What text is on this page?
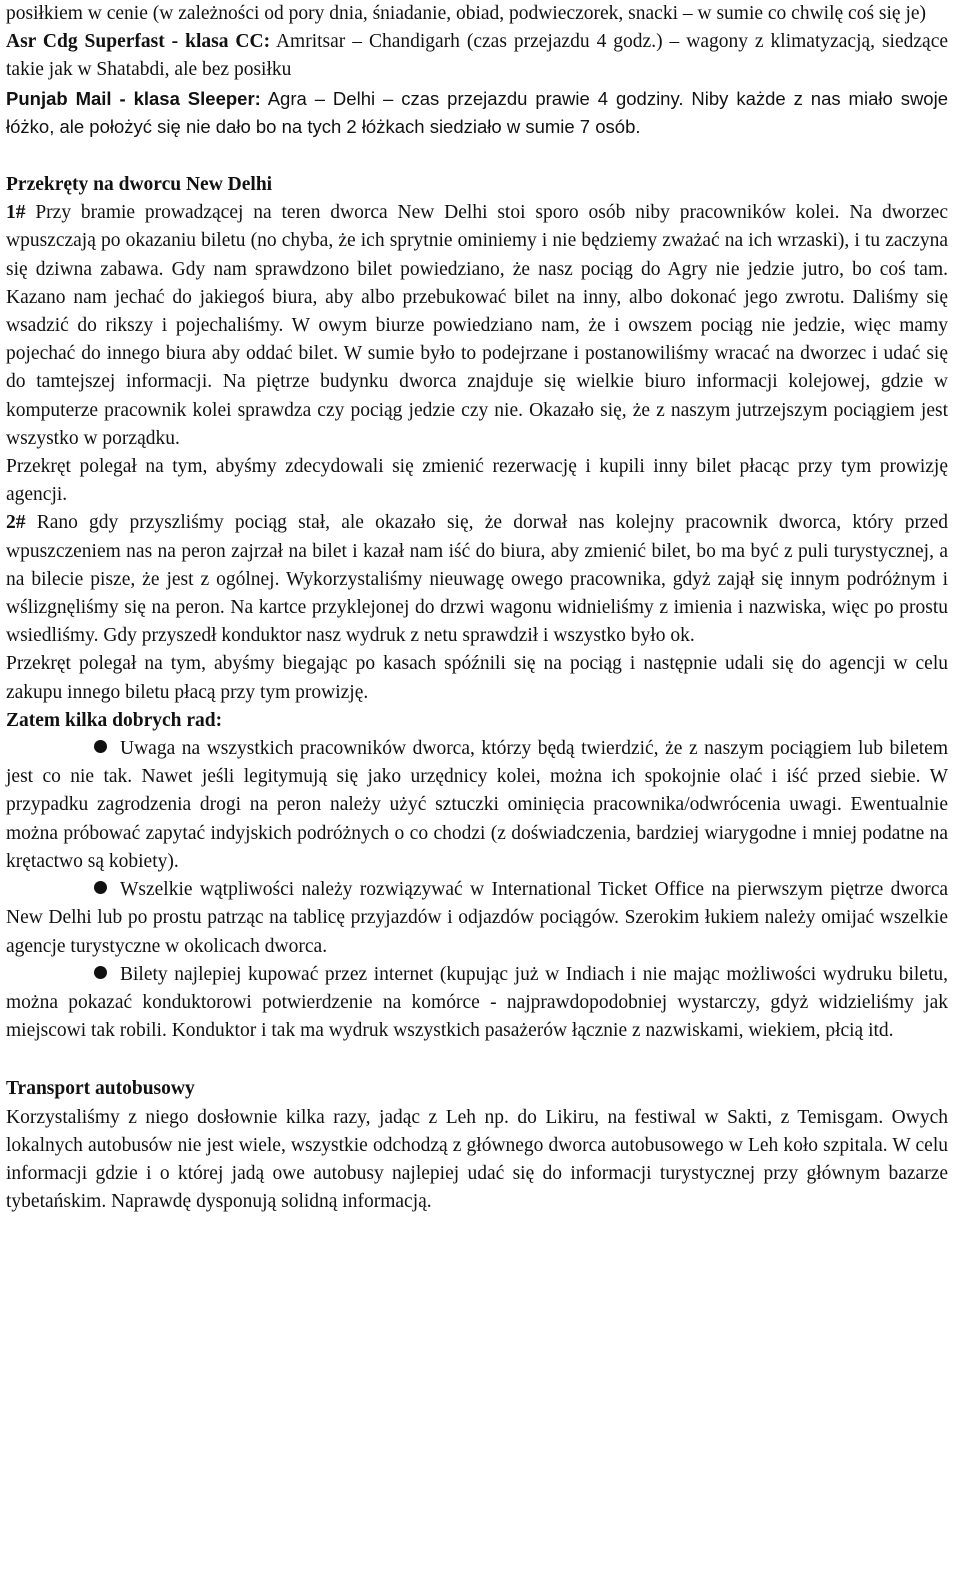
posiłkiem w cenie (w zależności od pory dnia, śniadanie, obiad, podwieczorek, snacki – w sumie co chwilę coś się je)

Asr Cdg Superfast - klasa CC: Amritsar – Chandigarh (czas przejazdu 4 godz.) – wagony z klimatyzacją, siedzące takie jak w Shatabdi, ale bez posiłku

Punjab Mail - klasa Sleeper: Agra – Delhi – czas przejazdu prawie 4 godziny. Niby każde z nas miało swoje łóżko, ale położyć się nie dało bo na tych 2 łóżkach siedziało w sumie 7 osób.

Przekręty na dworcu New Delhi

1# Przy bramie prowadzącej na teren dworca New Delhi stoi sporo osób niby pracowników kolei. Na dworzec wpuszczają po okazaniu biletu (no chyba, że ich sprytnie ominiemy i nie będziemy zważać na ich wrzaski), i tu zaczyna się dziwna zabawa. Gdy nam sprawdzono bilet powiedziano, że nasz pociąg do Agry nie jedzie jutro, bo coś tam. Kazano nam jechać do jakiegoś biura, aby albo przebukować bilet na inny, albo dokonać jego zwrotu. Daliśmy się wsadzić do rikszy i pojechaliśmy. W owym biurze powiedziano nam, że i owszem pociąg nie jedzie, więc mamy pojechać do innego biura aby oddać bilet. W sumie było to podejrzane i postanowiliśmy wracać na dworzec i udać się do tamtejszej informacji. Na piętrze budynku dworca znajduje się wielkie biuro informacji kolejowej, gdzie w komputerze pracownik kolei sprawdza czy pociąg jedzie czy nie. Okazało się, że z naszym jutrzejszym pociągiem jest wszystko w porządku.

Przekręt polegał na tym, abyśmy zdecydowali się zmienić rezerwację i kupili inny bilet płacąc przy tym prowizję agencji.

2# Rano gdy przyszliśmy pociąg stał, ale okazało się, że dorwał nas kolejny pracownik dworca, który przed wpuszczeniem nas na peron zajrzał na bilet i kazał nam iść do biura, aby zmienić bilet, bo ma być z puli turystycznej, a na bilecie pisze, że jest z ogólnej. Wykorzystaliśmy nieuwagę owego pracownika, gdyż zajął się innym podróżnym i wślizgnęliśmy się na peron. Na kartce przyklejonej do drzwi wagonu widnieliśmy z imienia i nazwiska, więc po prostu wsiedliśmy. Gdy przyszedł konduktor nasz wydruk z netu sprawdził i wszystko było ok.

Przekręt polegał na tym, abyśmy biegając po kasach spóźnili się na pociąg i następnie udali się do agencji w celu zakupu innego biletu płacą przy tym prowizję.

Zatem kilka dobrych rad:

Uwaga na wszystkich pracowników dworca, którzy będą twierdzić, że z naszym pociągiem lub biletem jest co nie tak. Nawet jeśli legitymują się jako urzędnicy kolei, można ich spokojnie olać i iść przed siebie. W przypadku zagrodzenia drogi na peron należy użyć sztuczki ominięcia pracownika/odwrócenia uwagi. Ewentualnie można próbować zapytać indyjskich podróżnych o co chodzi (z doświadczenia, bardziej wiarygodne i mniej podatne na krętactwo są kobiety).

Wszelkie wątpliwości należy rozwiązywać w International Ticket Office na pierwszym piętrze dworca New Delhi lub po prostu patrząc na tablicę przyjazdów i odjazdów pociągów. Szerokim łukiem należy omijać wszelkie agencje turystyczne w okolicach dworca.

Bilety najlepiej kupować przez internet (kupując już w Indiach i nie mając możliwości wydruku biletu, można pokazać konduktorowi potwierdzenie na komórce - najprawdopodobniej wystarczy, gdyż widzieliśmy jak miejscowi tak robili. Konduktor i tak ma wydruk wszystkich pasażerów łącznie z nazwiskami, wiekiem, płcią itd.

Transport autobusowy

Korzystaliśmy z niego dosłownie kilka razy, jadąc z Leh np. do Likiru, na festiwal w Sakti, z Temisgam. Owych lokalnych autobusów nie jest wiele, wszystkie odchodzą z głównego dworca autobusowego w Leh koło szpitala. W celu informacji gdzie i o której jadą owe autobusy najlepiej udać się do informacji turystycznej przy głównym bazarze tybetańskim. Naprawdę dysponują solidną informacją.
